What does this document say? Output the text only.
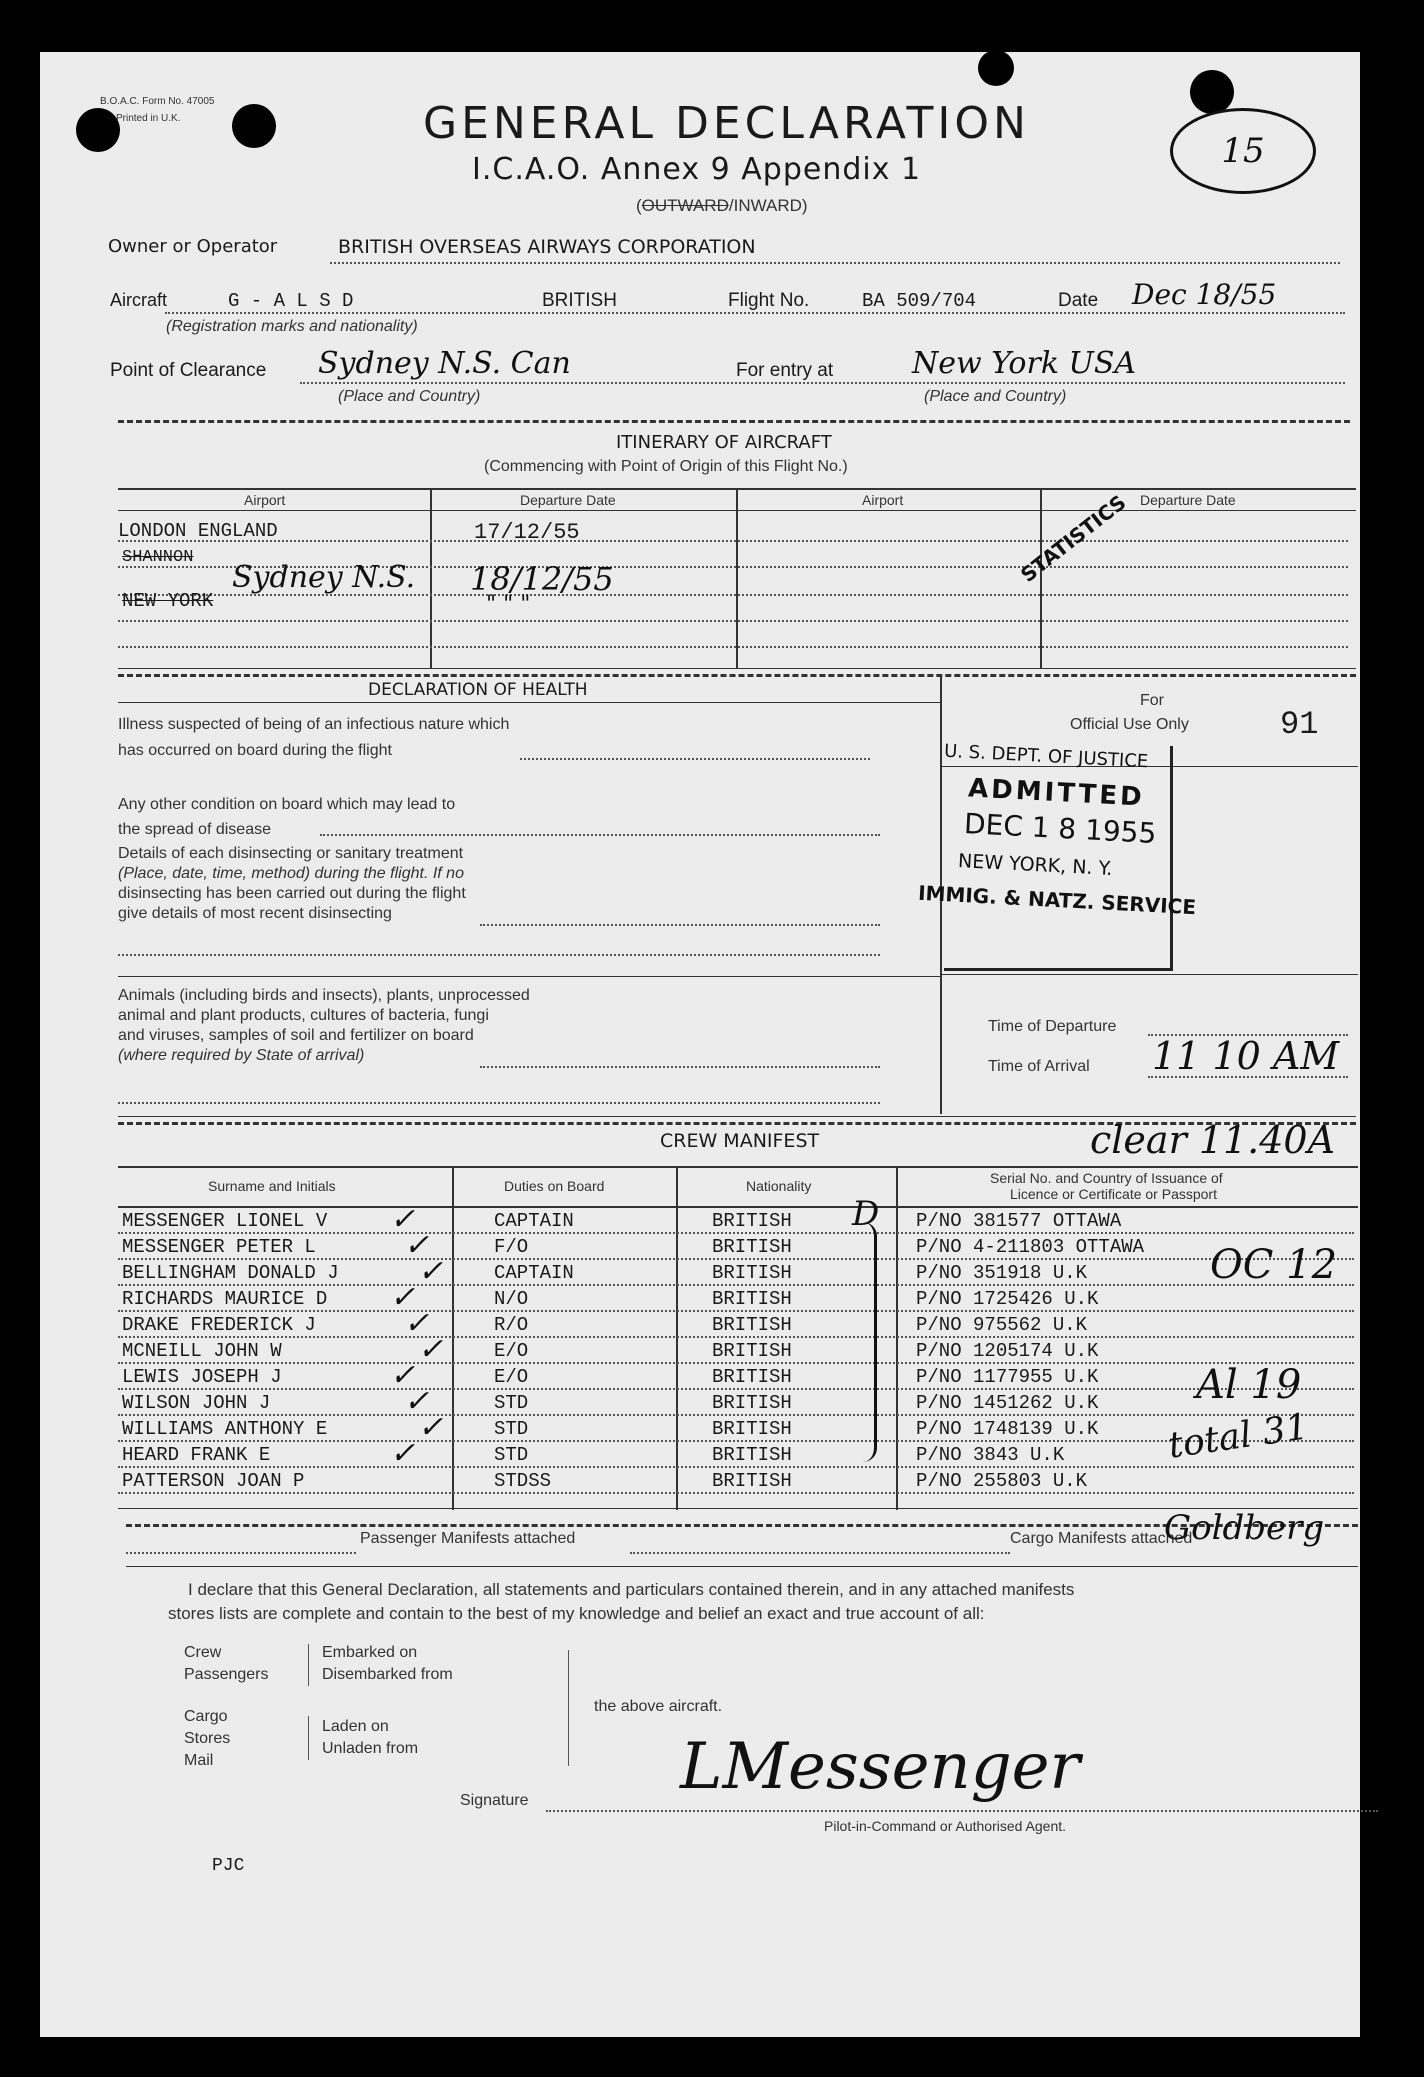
B.O.A.C. Form No. 47005
Printed in U.K.	GENERAL DECLARATION
I.C.A.O. Annex 9 Appendix 1
(OUTWARD/INWARD)
15
Owner or Operator	BRITISH OVERSEAS AIRWAYS CORPORATION
Aircraft	G - A L S D	BRITISH	Flight No.	BA 509/704	Date Dec 18/55
(Registration marks and nationality)
Point of Clearance Sydney N.S. Can	For entry at	New York USA
(Place and Country)	(Place and Country)
ITINERARY OF AIRCRAFT
(Commencing with Point of Origin of this Flight No.)
Airport	Departure Date	Airport	Departure Date
LONDON ENGLAND	17/12/55
SHANNON
NEW YORK
Sydney N.S. 18/12/55
" " "
STATISTICS
DECLARATION OF HEALTH
Illness suspected of being of an infectious nature which
has occurred on board during the flight
Any other condition on board which may lead to
the spread of disease
Details of each disinsecting or sanitary treatment
(Place, date, time, method) during the flight. If no
disinsecting has been carried out during the flight
give details of most recent disinsecting
Animals (including birds and insects), plants, unprocessed
animal and plant products, cultures of bacteria, fungi
and viruses, samples of soil and fertilizer on board
(where required by State of arrival)
For
Official Use Only	91
U. S. DEPT. OF JUSTICE
ADMITTED
DEC 1 8 1955
NEW YORK, N. Y.
IMMIG. & NATZ. SERVICE
Time of Departure
Time of Arrival 11 10 AM
CREW MANIFEST	clear 11.40A
Surname and Initials	Duties on Board	Nationality	Serial No. and Country of Issuance of
Licence or Certificate or Passport
MESSENGER LIONEL V	CAPTAIN	BRITISH	P/NO 381577 OTTAWA
✓
MESSENGER PETER L	F/O	BRITISH	P/NO 4-211803 OTTAWA
✓
BELLINGHAM DONALD J	CAPTAIN	BRITISH	P/NO 351918 U.K
✓
RICHARDS MAURICE D	N/O	BRITISH	P/NO 1725426 U.K
✓
DRAKE FREDERICK J	R/O	BRITISH	P/NO 975562 U.K
✓
MCNEILL JOHN W	E/O	BRITISH	P/NO 1205174 U.K
✓
LEWIS JOSEPH J	E/O	BRITISH	P/NO 1177955 U.K
✓
WILSON JOHN J	STD	BRITISH	P/NO 1451262 U.K
✓
WILLIAMS ANTHONY E	STD	BRITISH	P/NO 1748139 U.K
✓
HEARD FRANK E	STD	BRITISH	P/NO 3843 U.K
✓
PATTERSON JOAN P	STDSS	BRITISH	P/NO 255803 U.K
D
OC 12
Al 19
total 31
Passenger Manifests attached	Cargo Manifests attached
Goldberg
I declare that this General Declaration, all statements and particulars contained therein, and in any attached manifests
stores lists are complete and contain to the best of my knowledge and belief an exact and true account of all:
Crew
Passengers
Embarked on
Disembarked from
Cargo
Stores
Mail
Laden on
Unladen from
the above aircraft.
Signature LMessenger
Pilot-in-Command or Authorised Agent.
PJC
